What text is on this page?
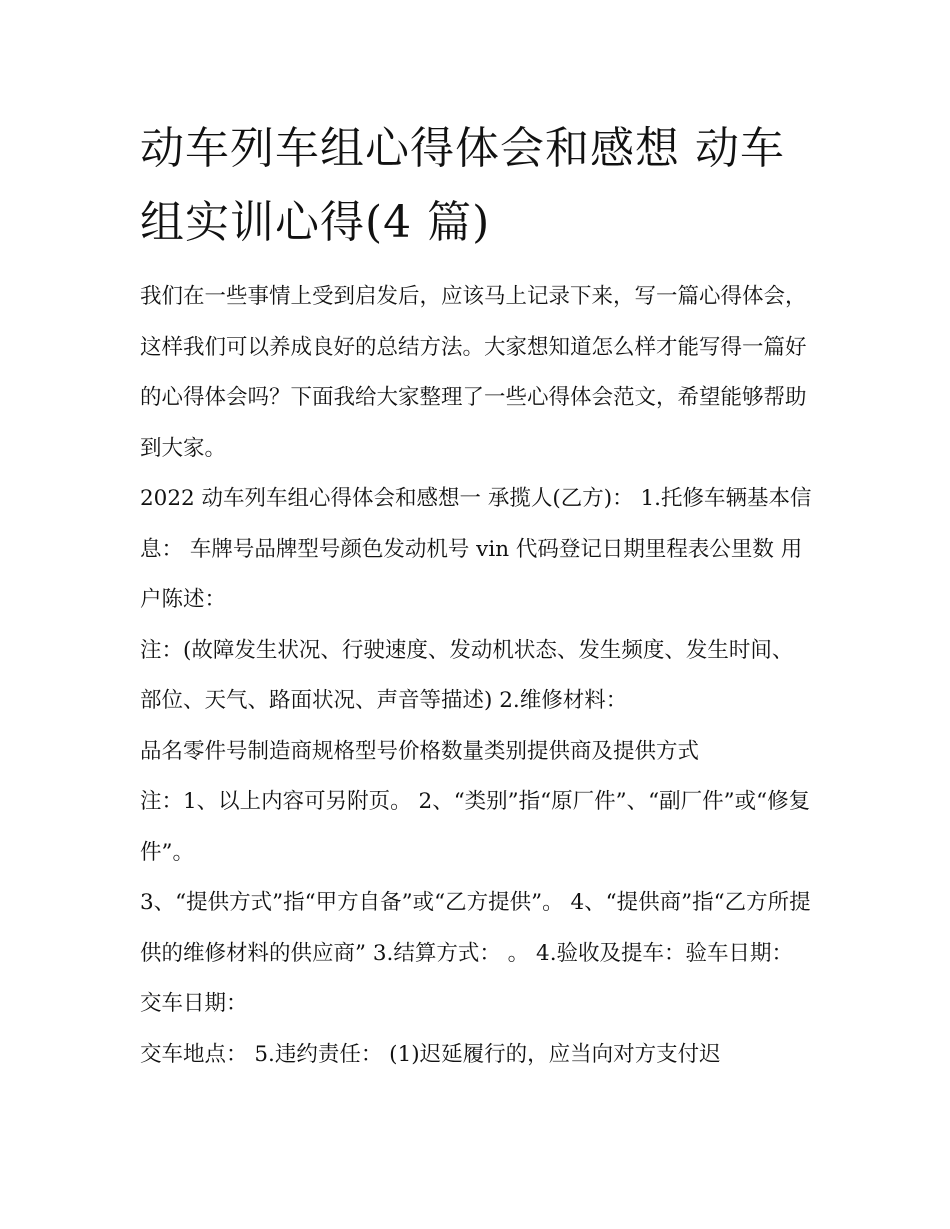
动车列车组心得体会和感想 动车组实训心得(4 篇)

我们在一些事情上受到启发后，应该马上记录下来，写一篇心得体会，这样我们可以养成良好的总结方法。大家想知道怎么样才能写得一篇好的心得体会吗？下面我给大家整理了一些心得体会范文，希望能够帮助到大家。

2022 动车列车组心得体会和感想一 承揽人(乙方)： 1.托修车辆基本信息： 车牌号品牌型号颜色发动机号 vin 代码登记日期里程表公里数 用户陈述：

注：(故障发生状况、行驶速度、发动机状态、发生频度、发生时间、部位、天气、路面状况、声音等描述) 2.维修材料：

品名零件号制造商规格型号价格数量类别提供商及提供方式

注：1、以上内容可另附页。 2、“类别”指“原厂件”、“副厂件”或“修复件”。

3、“提供方式”指“甲方自备”或“乙方提供”。 4、“提供商”指“乙方所提供的维修材料的供应商” 3.结算方式： 。 4.验收及提车：验车日期： 交车日期：

交车地点： 5.违约责任： (1)迟延履行的，应当向对方支付迟
